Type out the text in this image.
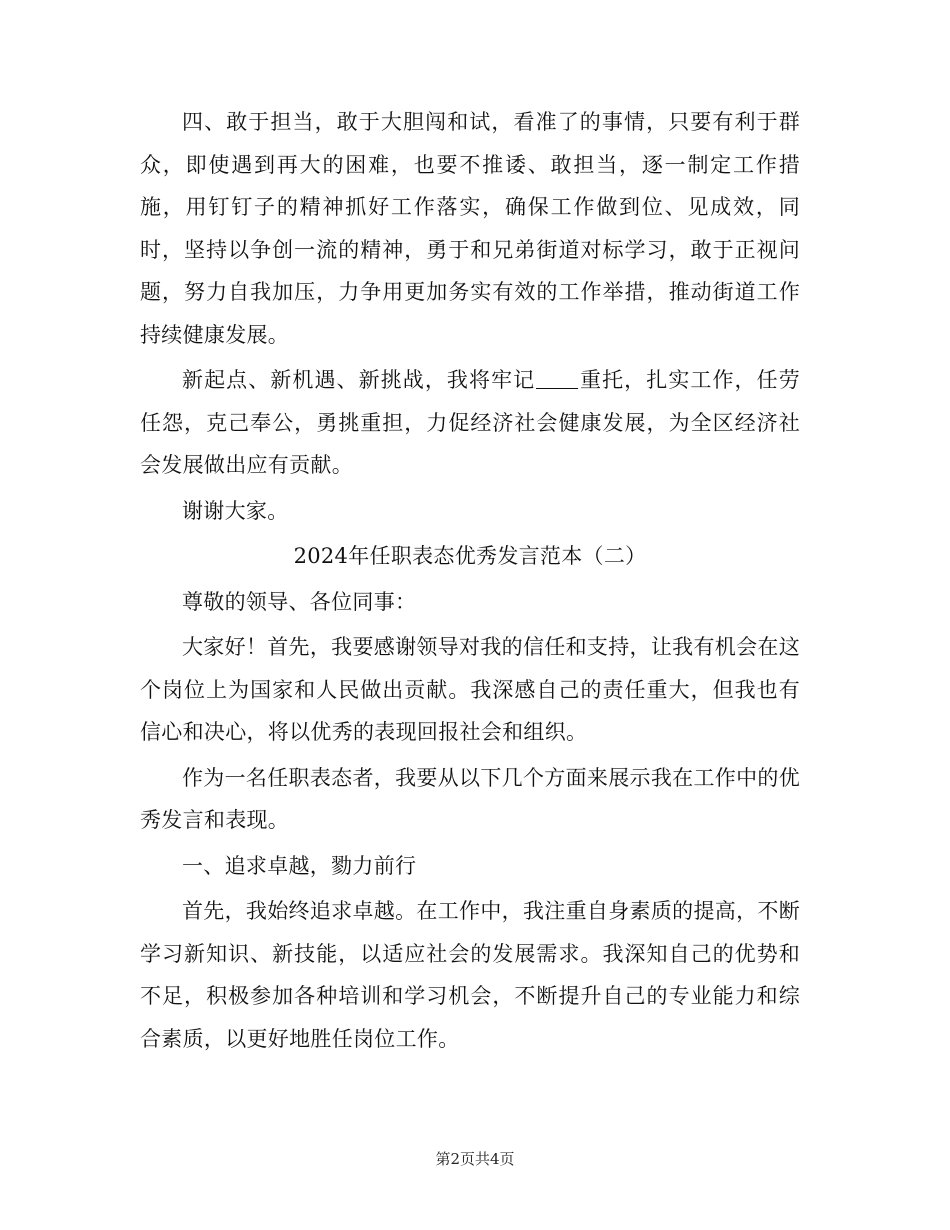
四、敢于担当，敢于大胆闯和试，看准了的事情，只要有利于群众，即使遇到再大的困难，也要不推诿、敢担当，逐一制定工作措施，用钉钉子的精神抓好工作落实，确保工作做到位、见成效，同时，坚持以争创一流的精神，勇于和兄弟街道对标学习，敢于正视问题，努力自我加压，力争用更加务实有效的工作举措，推动街道工作持续健康发展。

新起点、新机遇、新挑战，我将牢记 重托，扎实工作，任劳任怨，克己奉公，勇挑重担，力促经济社会健康发展，为全区经济社会发展做出应有贡献。

谢谢大家。

2024年任职表态优秀发言范本（二）

尊敬的领导、各位同事：

大家好！首先，我要感谢领导对我的信任和支持，让我有机会在这个岗位上为国家和人民做出贡献。我深感自己的责任重大，但我也有信心和决心，将以优秀的表现回报社会和组织。

作为一名任职表态者，我要从以下几个方面来展示我在工作中的优秀发言和表现。

一、追求卓越，勠力前行

首先，我始终追求卓越。在工作中，我注重自身素质的提高，不断学习新知识、新技能，以适应社会的发展需求。我深知自己的优势和不足，积极参加各种培训和学习机会，不断提升自己的专业能力和综合素质，以更好地胜任岗位工作。

第2页共4页
